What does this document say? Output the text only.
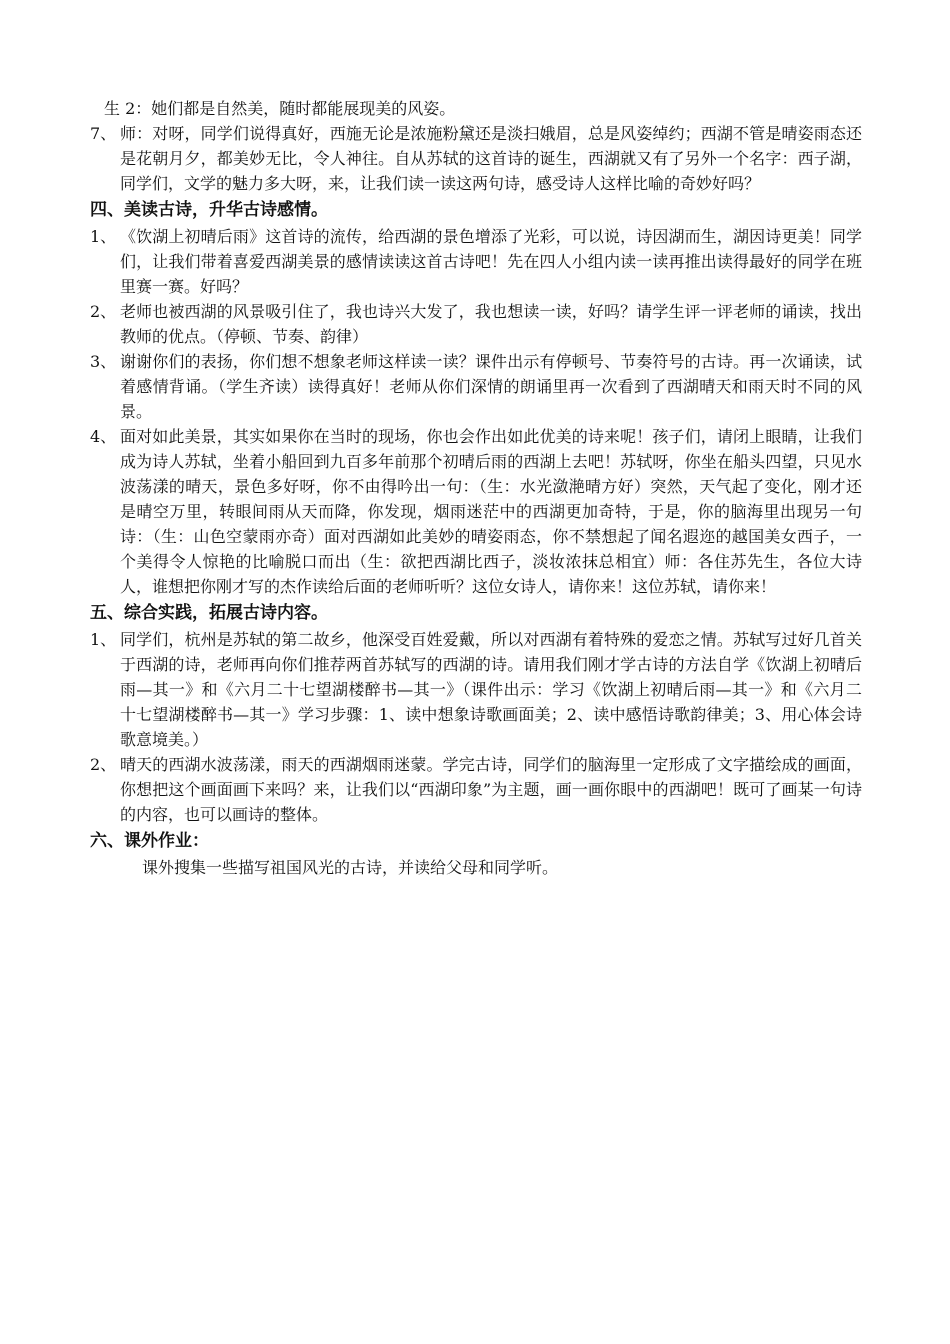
生 2：她们都是自然美，随时都能展现美的风姿。
7、 师：对呀，同学们说得真好，西施无论是浓施粉黛还是淡扫娥眉，总是风姿绰约；西湖不管是晴姿雨态还是花朝月夕，都美妙无比，令人神往。自从苏轼的这首诗的诞生，西湖就又有了另外一个名字：西子湖，同学们，文学的魅力多大呀，来，让我们读一读这两句诗，感受诗人这样比喻的奇妙好吗？
四、美读古诗，升华古诗感情。
1、 《饮湖上初晴后雨》这首诗的流传，给西湖的景色增添了光彩，可以说，诗因湖而生，湖因诗更美！同学们，让我们带着喜爱西湖美景的感情读读这首古诗吧！先在四人小组内读一读再推出读得最好的同学在班里赛一赛。好吗？
2、 老师也被西湖的风景吸引住了，我也诗兴大发了，我也想读一读，好吗？请学生评一评老师的诵读，找出教师的优点。（停顿、节奏、韵律）
3、 谢谢你们的表扬，你们想不想象老师这样读一读？课件出示有停顿号、节奏符号的古诗。再一次诵读，试着感情背诵。（学生齐读）读得真好！老师从你们深情的朗诵里再一次看到了西湖晴天和雨天时不同的风景。
4、 面对如此美景，其实如果你在当时的现场，你也会作出如此优美的诗来呢！孩子们，请闭上眼睛，让我们成为诗人苏轼，坐着小船回到九百多年前那个初晴后雨的西湖上去吧！苏轼呀，你坐在船头四望，只见水波荡漾的晴天，景色多好呀，你不由得吟出一句：（生：水光潋滟晴方好）突然，天气起了变化，刚才还是晴空万里，转眼间雨从天而降，你发现，烟雨迷茫中的西湖更加奇特，于是，你的脑海里出现另一句诗：（生：山色空蒙雨亦奇）面对西湖如此美妙的晴姿雨态，你不禁想起了闻名遐迩的越国美女西子，一个美得令人惊艳的比喻脱口而出（生：欲把西湖比西子，淡妆浓抹总相宜）师：各住苏先生，各位大诗人，谁想把你刚才写的杰作读给后面的老师听听？这位女诗人，请你来！这位苏轼，请你来！
五、综合实践，拓展古诗内容。
1、 同学们，杭州是苏轼的第二故乡，他深受百姓爱戴，所以对西湖有着特殊的爱恋之情。苏轼写过好几首关于西湖的诗，老师再向你们推荐两首苏轼写的西湖的诗。请用我们刚才学古诗的方法自学《饮湖上初晴后雨—其一》和《六月二十七望湖楼醉书—其一》（课件出示：学习《饮湖上初晴后雨—其一》和《六月二十七望湖楼醉书—其一》学习步骤：1、读中想象诗歌画面美；2、读中感悟诗歌韵律美；3、用心体会诗歌意境美。）
2、 晴天的西湖水波荡漾，雨天的西湖烟雨迷蒙。学完古诗，同学们的脑海里一定形成了文字描绘成的画面，你想把这个画面画下来吗？来，让我们以“西湖印象”为主题，画一画你眼中的西湖吧！既可了画某一句诗的内容，也可以画诗的整体。
六、课外作业：
课外搜集一些描写祖国风光的古诗，并读给父母和同学听。
